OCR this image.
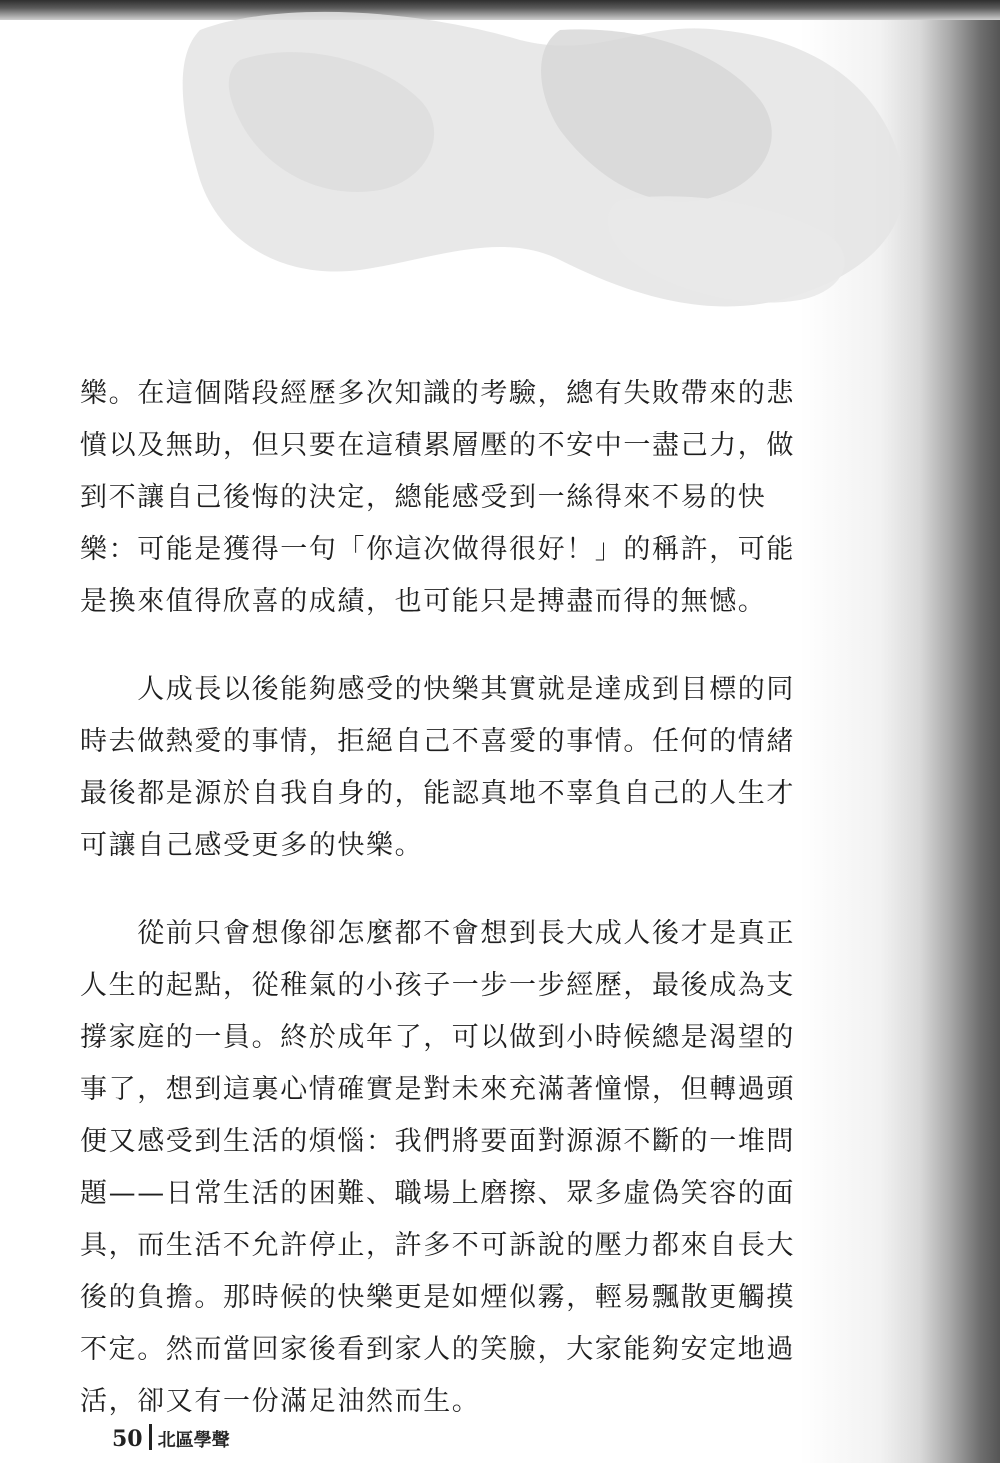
樂。在這個階段經歷多次知識的考驗，總有失敗帶來的悲

憤以及無助，但只要在這積累層壓的不安中一盡己力，做

到不讓自己後悔的決定，總能感受到一絲得來不易的快

樂：可能是獲得一句「你這次做得很好！」的稱許，可能

是換來值得欣喜的成績，也可能只是搏盡而得的無憾。

　　人成長以後能夠感受的快樂其實就是達成到目標的同

時去做熱愛的事情，拒絕自己不喜愛的事情。任何的情緒

最後都是源於自我自身的，能認真地不辜負自己的人生才

可讓自己感受更多的快樂。

　　從前只會想像卻怎麼都不會想到長大成人後才是真正

人生的起點，從稚氣的小孩子一步一步經歷，最後成為支

撐家庭的一員。終於成年了，可以做到小時候總是渴望的

事了，想到這裏心情確實是對未來充滿著憧憬，但轉過頭

便又感受到生活的煩惱：我們將要面對源源不斷的一堆問

題——日常生活的困難、職場上磨擦、眾多虛偽笑容的面

具，而生活不允許停止，許多不可訴說的壓力都來自長大

後的負擔。那時候的快樂更是如煙似霧，輕易飄散更觸摸

不定。然而當回家後看到家人的笑臉，大家能夠安定地過

活，卻又有一份滿足油然而生。

50 北區學聲
